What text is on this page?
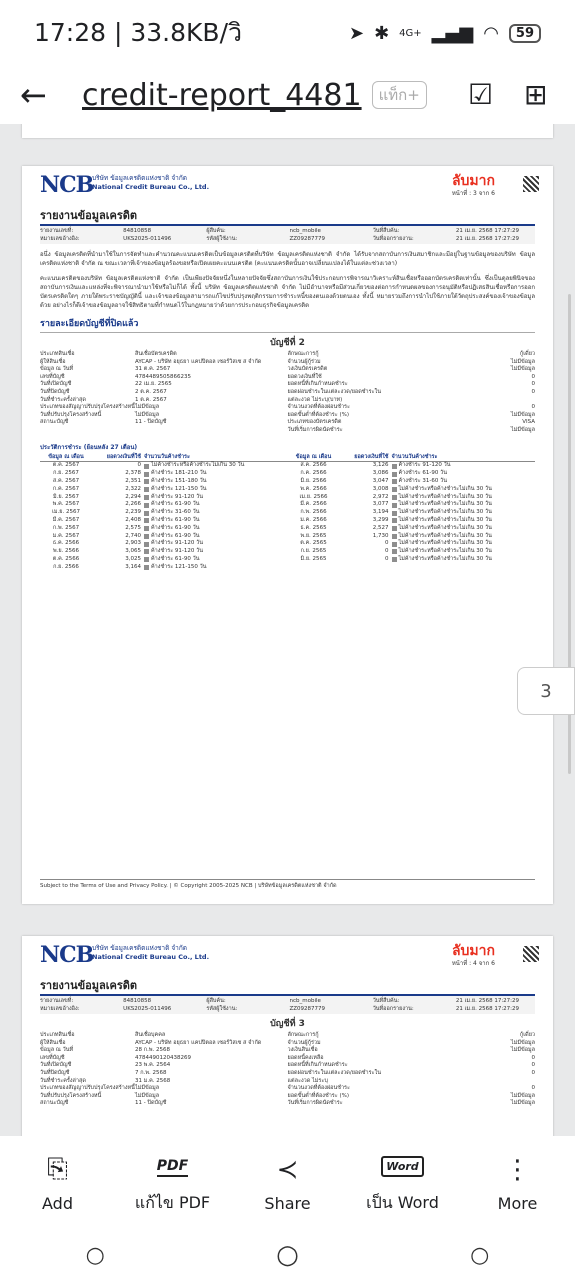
17:28 | 33.8KB/วิ	➤ ✱ 4G+ ▂▄▆ ◠	59
←	credit-report_4481	แท็ก+ ☑ ⊞
NCB
บริษัท ข้อมูลเครดิตแห่งชาติ จำกัด
National Credit Bureau Co., Ltd.	ลับมาก
หน้าที่ : 3 จาก 6
รายงานข้อมูลเครดิต
รายงานเลขที่:	84810858	ผู้สืบค้น:	ncb_mobile	วันที่สืบค้น:	21 เม.ย. 2568 17:27:29
หมายเลขอ้างอิง:	UKS2025-011496	รหัสผู้ใช้งาน:	ZZ09287779	วันที่ออกรายงาน:	21 เม.ย. 2568 17:27:29

อนึ่ง ข้อมูลเครดิตที่นำมาใช้ในการจัดทำและคำนวณคะแนนเครดิตเป็นข้อมูลเครดิตที่บริษัท ข้อมูลเครดิตแห่งชาติ จำกัด ได้รับจากสถาบันการเงินสมาชิกและมีอยู่ในฐานข้อมูลของบริษัท ข้อมูลเครดิตแห่งชาติ จำกัด ณ ขณะเวลาที่เจ้าของข้อมูลร้องขอหรือเปิดเผยคะแนนเครดิต (คะแนนเครดิตนั้นอาจเปลี่ยนแปลงได้ในแต่ละช่วงเวลา)

คะแนนเครดิตของบริษัท ข้อมูลเครดิตแห่งชาติ จำกัด เป็นเพียงปัจจัยหนึ่งในหลายปัจจัยซึ่งสถาบันการเงินใช้ประกอบการพิจารณาวิเคราะห์สินเชื่อหรือออกบัตรเครดิตเท่านั้น ซึ่งเป็นดุลยพินิจของสถาบันการเงินและแหล่งที่จะพิจารณานำมาใช้หรือไม่ก็ได้ ทั้งนี้ บริษัท ข้อมูลเครดิตแห่งชาติ จำกัด ไม่มีอำนาจหรือมีส่วนเกี่ยวของต่อการกำหนดผลของการอนุมัติหรือปฏิเสธสินเชื่อหรือการออกบัตรเครดิตใดๆ ภายใต้พระราชบัญญัตินี้ และเจ้าของข้อมูลสามารถแก้ไขปรับปรุงพฤติกรรมการชำระหนี้ของตนเองด้วยตนเอง ทั้งนี้ หมายรวมถึงการนำไปใช้ภายใต้วัตถุประสงค์ของเจ้าของข้อมูลด้วย อย่างไรก็ดีเจ้าของข้อมูลอาจใช้สิทธิตามที่กำหนดไว้ในกฎหมายว่าด้วยการประกอบธุรกิจข้อมูลเครดิต

รายละเอียดบัญชีที่ปิดแล้ว
บัญชีที่ 2
ประเภทสินเชื่อ	สินเชื่อบัตรเครดิต
ผู้ให้สินเชื่อ	AYCAP - บริษัท อยุธยา แคปปิตอล เซอร์วิสเซ ส จำกัด
ข้อมูล ณ วันที่	31 ต.ค. 2567
เลขที่บัญชี	4784489505866235
วันที่เปิดบัญชี	22 เม.ย. 2565
วันที่ปิดบัญชี	2 ต.ค. 2567
วันที่ชำระครั้งล่าสุด	1 ต.ค. 2567
ประเภทของสัญญาปรับปรุงโครงสร้างหนี้ ไม่มีข้อมูล
วันที่ปรับปรุงโครงสร้างหนี้	ไม่มีข้อมูล
สถานะบัญชี	11 - ปิดบัญชี
ลักษณะการกู้	กู้เดี่ยว
จำนวนผู้กู้ร่วม	ไม่มีข้อมูล
วงเงินบัตรเครดิต	ไม่มีข้อมูล
ยอดวงเงินที่ใช้	0
ยอดหนี้ที่เกินกำหนดชำระ	0
ยอดผ่อนชำระในแต่ละงวด/ยอดชำระในแต่ละงวด ไม่ระบุ(บาท)
0
จำนวนงวดที่ต้องผ่อนชำระ	0
ยอดขั้นต่ำที่ต้องชำระ (%)	ไม่มีข้อมูล
ประเภทของบัตรเครดิต	VISA
วันที่เริ่มการผิดนัดชำระ	ไม่มีข้อมูล
ประวัติการชำระ (ย้อนหลัง 27 เดือน)
ข้อมูล ณ เดือน	ยอดวงเงินที่ใช้ จำนวนวันค้างชำระ
ต.ค. 2567	0	ไม่ค้างชำระหรือค้างชำระไม่เกิน 30 วัน
ก.ย. 2567	2,378	ค้างชำระ 181-210 วัน
ส.ค. 2567	2,351	ค้างชำระ 151-180 วัน
ก.ค. 2567	2,322	ค้างชำระ 121-150 วัน
มิ.ย. 2567	2,294	ค้างชำระ 91-120 วัน
พ.ค. 2567	2,266	ค้างชำระ 61-90 วัน
เม.ย. 2567	2,239	ค้างชำระ 31-60 วัน
มี.ค. 2567	2,408	ค้างชำระ 61-90 วัน
ก.พ. 2567	2,575	ค้างชำระ 61-90 วัน
ม.ค. 2567	2,740	ค้างชำระ 61-90 วัน
ธ.ค. 2566	2,903	ค้างชำระ 91-120 วัน
พ.ย. 2566	3,065	ค้างชำระ 91-120 วัน
ต.ค. 2566	3,025	ค้างชำระ 61-90 วัน
ก.ย. 2566	3,164	ค้างชำระ 121-150 วัน
ข้อมูล ณ เดือน	ยอดวงเงินที่ใช้ จำนวนวันค้างชำระ
ส.ค. 2566	3,126	ค้างชำระ 91-120 วัน
ก.ค. 2566	3,086	ค้างชำระ 61-90 วัน
มิ.ย. 2566	3,047	ค้างชำระ 31-60 วัน
พ.ค. 2566	3,008	ไม่ค้างชำระหรือค้างชำระไม่เกิน 30 วัน
เม.ย. 2566	2,972	ไม่ค้างชำระหรือค้างชำระไม่เกิน 30 วัน
มี.ค. 2566	3,077	ไม่ค้างชำระหรือค้างชำระไม่เกิน 30 วัน
ก.พ. 2566	3,194	ไม่ค้างชำระหรือค้างชำระไม่เกิน 30 วัน
ม.ค. 2566	3,299	ไม่ค้างชำระหรือค้างชำระไม่เกิน 30 วัน
ธ.ค. 2565	2,527	ไม่ค้างชำระหรือค้างชำระไม่เกิน 30 วัน
พ.ย. 2565	1,730	ไม่ค้างชำระหรือค้างชำระไม่เกิน 30 วัน
ต.ค. 2565	0	ไม่ค้างชำระหรือค้างชำระไม่เกิน 30 วัน
ก.ย. 2565	0	ไม่ค้างชำระหรือค้างชำระไม่เกิน 30 วัน
มิ.ย. 2565	0	ไม่ค้างชำระหรือค้างชำระไม่เกิน 30 วัน
Subject to the Terms of Use and Privacy Policy. | © Copyright 2005-2025 NCB | บริษัทข้อมูลเครดิตแห่งชาติ จำกัด
NCB
บริษัท ข้อมูลเครดิตแห่งชาติ จำกัด
National Credit Bureau Co., Ltd.	ลับมาก
หน้าที่ : 4 จาก 6
รายงานข้อมูลเครดิต
รายงานเลขที่:	84810858	ผู้สืบค้น:	ncb_mobile	วันที่สืบค้น:	21 เม.ย. 2568 17:27:29
หมายเลขอ้างอิง:	UKS2025-011496	รหัสผู้ใช้งาน:	ZZ09287779	วันที่ออกรายงาน:	21 เม.ย. 2568 17:27:29
บัญชีที่ 3
ประเภทสินเชื่อ	สินเชื่อบุคคล
ผู้ให้สินเชื่อ	AYCAP - บริษัท อยุธยา แคปปิตอล เซอร์วิสเซ ส จำกัด
ข้อมูล ณ วันที่	28 ก.พ. 2568
เลขที่บัญชี	4784490120438269
วันที่เปิดบัญชี	23 พ.ค. 2564
วันที่ปิดบัญชี	7 ก.พ. 2568
วันที่ชำระครั้งล่าสุด	31 ม.ค. 2568
ประเภทของสัญญาปรับปรุงโครงสร้างหนี้ ไม่มีข้อมูล
วันที่ปรับปรุงโครงสร้างหนี้	ไม่มีข้อมูล
สถานะบัญชี	11 - ปิดบัญชี
ลักษณะการกู้	กู้เดี่ยว
จำนวนผู้กู้ร่วม	ไม่มีข้อมูล
วงเงินสินเชื่อ	ไม่มีข้อมูล
ยอดหนี้คงเหลือ	0
ยอดหนี้ที่เกินกำหนดชำระ	0
ยอดผ่อนชำระในแต่ละงวด/ยอดชำระในแต่ละงวด ไม่ระบุ
0
จำนวนงวดที่ต้องผ่อนชำระ	0
ยอดขั้นต่ำที่ต้องชำระ (%)	ไม่มีข้อมูล
วันที่เริ่มการผิดนัดชำระ	ไม่มีข้อมูล
3
⎘
Add
PDF
แก้ไข PDF
≺
Share
Word
เป็น Word
⋮
More
○	○	○
